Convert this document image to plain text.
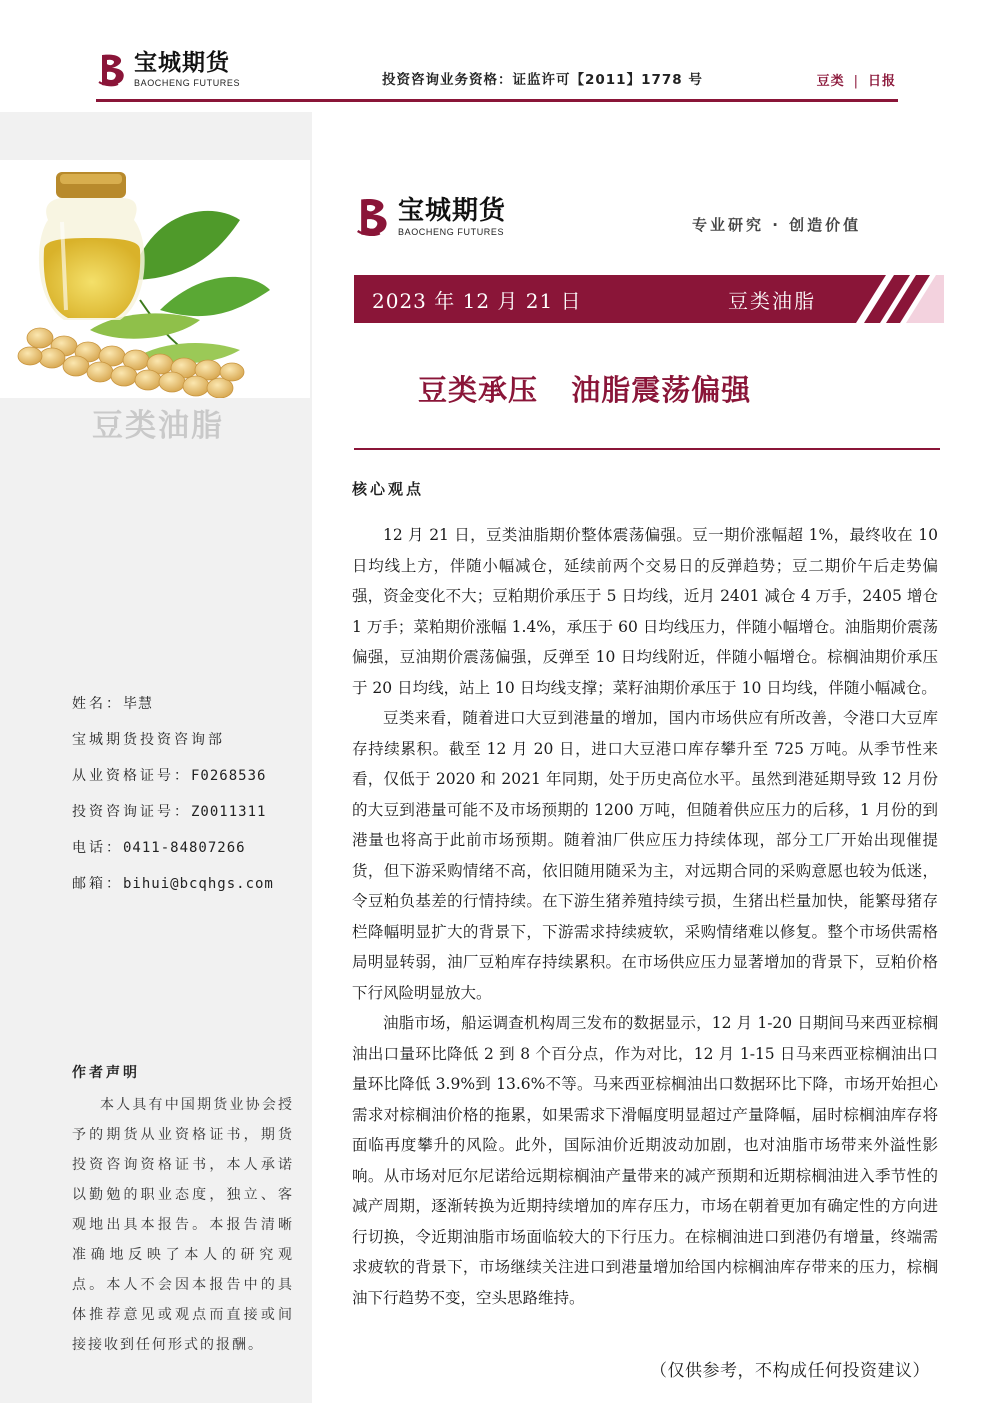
宝城期货
BAOCHENG FUTURES	投资咨询业务资格：证监许可【2011】1778 号	豆类 | 日报
豆类油脂
姓名：毕慧
宝城期货投资咨询部
从业资格证号：F0268536
投资咨询证号：Z0011311
电话：0411-84807266
邮箱：bihui@bcqhgs.com
作者声明
本人具有中国期货业协会授予的期货从业资格证书，期货投资咨询资格证书，本人承诺以勤勉的职业态度，独立、客观地出具本报告。本报告清晰准确地反映了本人的研究观点。本人不会因本报告中的具体推荐意见或观点而直接或间接接收到任何形式的报酬。
宝城期货
BAOCHENG FUTURES	专业研究 · 创造价值
2023 年 12 月 21 日	豆类油脂
豆类承压   油脂震荡偏强
核心观点

12 月 21 日，豆类油脂期价整体震荡偏强。豆一期价涨幅超 1%，最终收在 10 日均线上方，伴随小幅减仓，延续前两个交易日的反弹趋势；豆二期价午后走势偏强，资金变化不大；豆粕期价承压于 5 日均线，近月 2401 减仓 4 万手，2405 增仓 1 万手；菜粕期价涨幅 1.4%，承压于 60 日均线压力，伴随小幅增仓。油脂期价震荡偏强，豆油期价震荡偏强，反弹至 10 日均线附近，伴随小幅增仓。棕榈油期价承压于 20 日均线，站上 10 日均线支撑；菜籽油期价承压于 10 日均线，伴随小幅减仓。

豆类来看，随着进口大豆到港量的增加，国内市场供应有所改善，令港口大豆库存持续累积。截至 12 月 20 日，进口大豆港口库存攀升至 725 万吨。从季节性来看，仅低于 2020 和 2021 年同期，处于历史高位水平。虽然到港延期导致 12 月份的大豆到港量可能不及市场预期的 1200 万吨，但随着供应压力的后移，1 月份的到港量也将高于此前市场预期。随着油厂供应压力持续体现，部分工厂开始出现催提货，但下游采购情绪不高，依旧随用随采为主，对远期合同的采购意愿也较为低迷，令豆粕负基差的行情持续。在下游生猪养殖持续亏损，生猪出栏量加快，能繁母猪存栏降幅明显扩大的背景下，下游需求持续疲软，采购情绪难以修复。整个市场供需格局明显转弱，油厂豆粕库存持续累积。在市场供应压力显著增加的背景下，豆粕价格下行风险明显放大。

油脂市场，船运调查机构周三发布的数据显示，12 月 1-20 日期间马来西亚棕榈油出口量环比降低 2 到 8 个百分点，作为对比，12 月 1-15 日马来西亚棕榈油出口量环比降低 3.9%到 13.6%不等。马来西亚棕榈油出口数据环比下降，市场开始担心需求对棕榈油价格的拖累，如果需求下滑幅度明显超过产量降幅，届时棕榈油库存将面临再度攀升的风险。此外，国际油价近期波动加剧，也对油脂市场带来外溢性影响。从市场对厄尔尼诺给远期棕榈油产量带来的减产预期和近期棕榈油进入季节性的减产周期，逐渐转换为近期持续增加的库存压力，市场在朝着更加有确定性的方向进行切换，令近期油脂市场面临较大的下行压力。在棕榈油进口到港仍有增量，终端需求疲软的背景下，市场继续关注进口到港量增加给国内棕榈油库存带来的压力，棕榈油下行趋势不变，空头思路维持。

（仅供参考，不构成任何投资建议）
